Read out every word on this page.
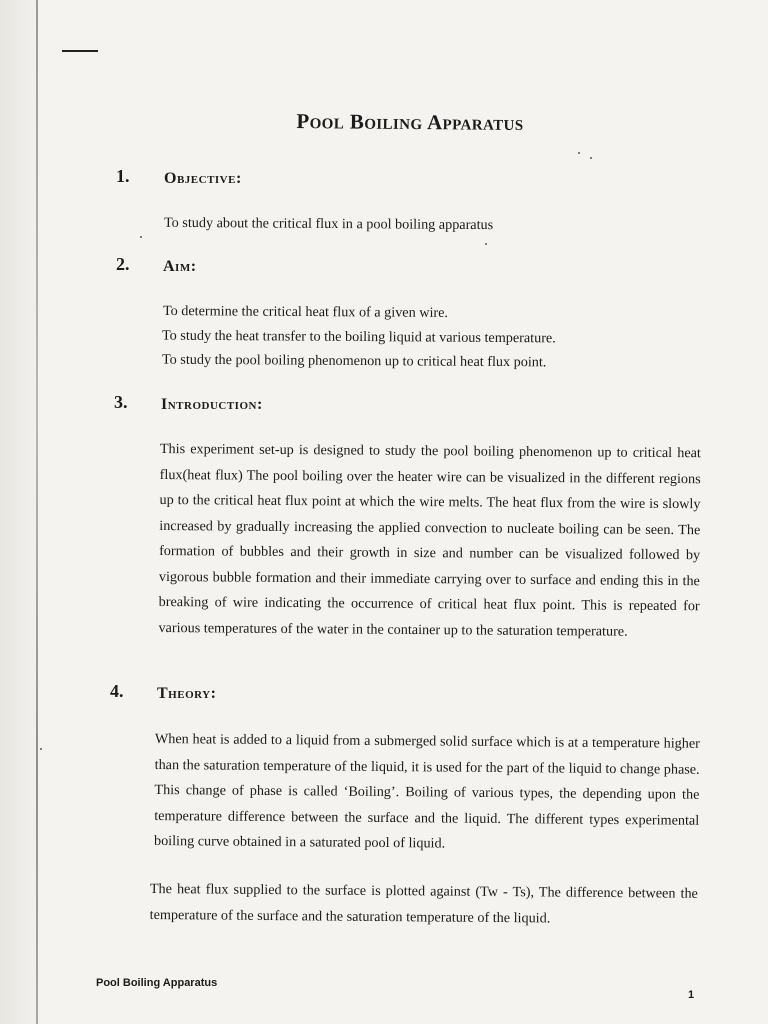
Pool Boiling Apparatus
1. Objective:
To study about the critical flux in a pool boiling apparatus
2. Aim:
To determine the critical heat flux of a given wire.
To study the heat transfer to the boiling liquid at various temperature.
To study the pool boiling phenomenon up to critical heat flux point.
3. Introduction:
This experiment set-up is designed to study the pool boiling phenomenon up to critical heat flux(heat flux) The pool boiling over the heater wire can be visualized in the different regions up to the critical heat flux point at which the wire melts. The heat flux from the wire is slowly increased by gradually increasing the applied convection to nucleate boiling can be seen. The formation of bubbles and their growth in size and number can be visualized followed by vigorous bubble formation and their immediate carrying over to surface and ending this in the breaking of wire indicating the occurrence of critical heat flux point. This is repeated for various temperatures of the water in the container up to the saturation temperature.
4. Theory:
When heat is added to a liquid from a submerged solid surface which is at a temperature higher than the saturation temperature of the liquid, it is used for the part of the liquid to change phase. This change of phase is called ‘Boiling’. Boiling of various types, the depending upon the temperature difference between the surface and the liquid. The different types experimental boiling curve obtained in a saturated pool of liquid.
The heat flux supplied to the surface is plotted against (Tw - Ts), The difference between the temperature of the surface and the saturation temperature of the liquid.
Pool Boiling Apparatus
1
